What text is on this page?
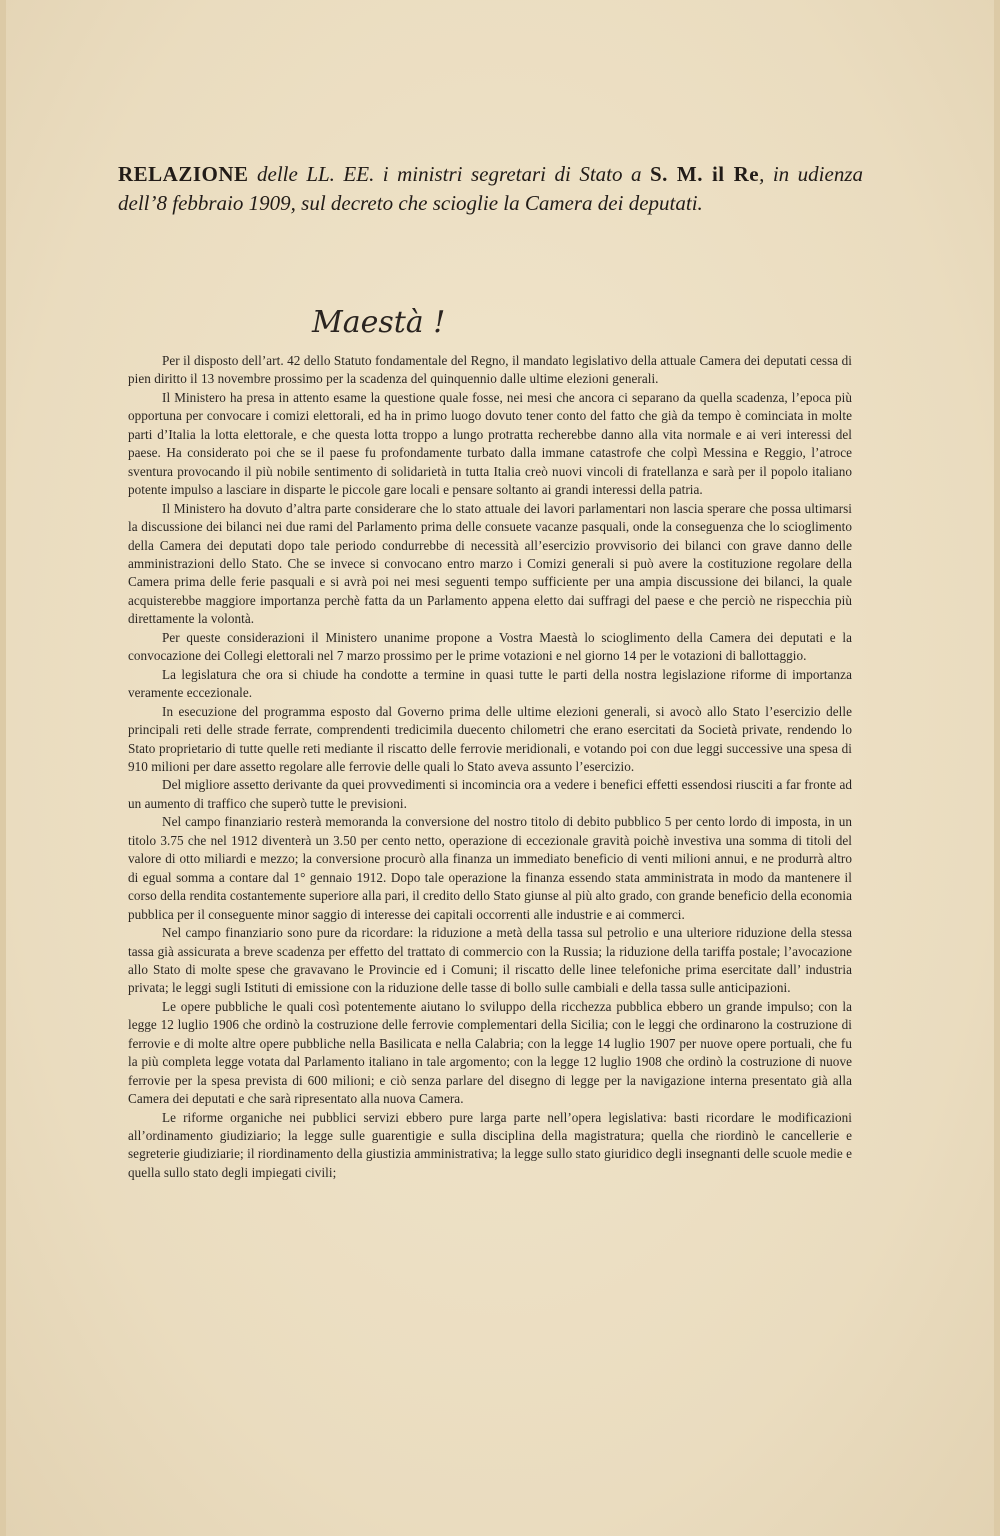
RELAZIONE delle LL. EE. i ministri segretari di Stato a S. M. il Re, in udienza dell’8 febbraio 1909, sul decreto che scioglie la Camera dei deputati.
Maestà !

Per il disposto dell’art. 42 dello Statuto fondamentale del Regno, il mandato legislativo della attuale Camera dei deputati cessa di pien diritto il 13 novembre prossimo per la scadenza del quinquennio dalle ultime elezioni generali.

Il Ministero ha presa in attento esame la questione quale fosse, nei mesi che ancora ci separano da quella scadenza, l’epoca più opportuna per convocare i comizi elettorali, ed ha in primo luogo dovuto tener conto del fatto che già da tempo è cominciata in molte parti d’Italia la lotta elettorale, e che questa lotta troppo a lungo protratta recherebbe danno alla vita normale e ai veri interessi del paese. Ha considerato poi che se il paese fu profondamente turbato dalla immane catastrofe che colpì Messina e Reggio, l’atroce sventura provocando il più nobile sentimento di solidarietà in tutta Italia creò nuovi vincoli di fratellanza e sarà per il popolo italiano potente impulso a lasciare in disparte le piccole gare locali e pensare soltanto ai grandi interessi della patria.

Il Ministero ha dovuto d’altra parte considerare che lo stato attuale dei lavori parlamentari non lascia sperare che possa ultimarsi la discussione dei bilanci nei due rami del Parlamento prima delle consuete vacanze pasquali, onde la conseguenza che lo scioglimento della Camera dei deputati dopo tale periodo condurrebbe di necessità all’esercizio provvisorio dei bilanci con grave danno delle amministrazioni dello Stato. Che se invece si convocano entro marzo i Comizi generali si può avere la costituzione regolare della Camera prima delle ferie pasquali e si avrà poi nei mesi seguenti tempo sufficiente per una ampia discussione dei bilanci, la quale acquisterebbe maggiore importanza perchè fatta da un Parlamento appena eletto dai suffragi del paese e che perciò ne rispecchia più direttamente la volontà.

Per queste considerazioni il Ministero unanime propone a Vostra Maestà lo scioglimento della Camera dei deputati e la convocazione dei Collegi elettorali nel 7 marzo prossimo per le prime votazioni e nel giorno 14 per le votazioni di ballottaggio.

La legislatura che ora si chiude ha condotte a termine in quasi tutte le parti della nostra legislazione riforme di importanza veramente eccezionale.

In esecuzione del programma esposto dal Governo prima delle ultime elezioni generali, si avocò allo Stato l’esercizio delle principali reti delle strade ferrate, comprendenti tredicimila duecento chilometri che erano esercitati da Società private, rendendo lo Stato proprietario di tutte quelle reti mediante il riscatto delle ferrovie meridionali, e votando poi con due leggi successive una spesa di 910 milioni per dare assetto regolare alle ferrovie delle quali lo Stato aveva assunto l’esercizio.

Del migliore assetto derivante da quei provvedimenti si incomincia ora a vedere i benefici effetti essendosi riusciti a far fronte ad un aumento di traffico che superò tutte le previsioni.

Nel campo finanziario resterà memoranda la conversione del nostro titolo di debito pubblico 5 per cento lordo di imposta, in un titolo 3.75 che nel 1912 diventerà un 3.50 per cento netto, operazione di eccezionale gravità poichè investiva una somma di titoli del valore di otto miliardi e mezzo; la conversione procurò alla finanza un immediato beneficio di venti milioni annui, e ne produrrà altro di egual somma a contare dal 1° gennaio 1912. Dopo tale operazione la finanza essendo stata amministrata in modo da mantenere il corso della rendita costantemente superiore alla pari, il credito dello Stato giunse al più alto grado, con grande beneficio della economia pubblica per il conseguente minor saggio di interesse dei capitali occorrenti alle industrie e ai commerci.

Nel campo finanziario sono pure da ricordare: la riduzione a metà della tassa sul petrolio e una ulteriore riduzione della stessa tassa già assicurata a breve scadenza per effetto del trattato di commercio con la Russia; la riduzione della tariffa postale; l’avocazione allo Stato di molte spese che gravavano le Provincie ed i Comuni; il riscatto delle linee telefoniche prima esercitate dall’ industria privata; le leggi sugli Istituti di emissione con la riduzione delle tasse di bollo sulle cambiali e della tassa sulle anticipazioni.

Le opere pubbliche le quali così potentemente aiutano lo sviluppo della ricchezza pubblica ebbero un grande impulso; con la legge 12 luglio 1906 che ordinò la costruzione delle ferrovie complementari della Sicilia; con le leggi che ordinarono la costruzione di ferrovie e di molte altre opere pubbliche nella Basilicata e nella Calabria; con la legge 14 luglio 1907 per nuove opere portuali, che fu la più completa legge votata dal Parlamento italiano in tale argomento; con la legge 12 luglio 1908 che ordinò la costruzione di nuove ferrovie per la spesa prevista di 600 milioni; e ciò senza parlare del disegno di legge per la navigazione interna presentato già alla Camera dei deputati e che sarà ripresentato alla nuova Camera.

Le riforme organiche nei pubblici servizi ebbero pure larga parte nell’opera legislativa: basti ricordare le modificazioni all’ordinamento giudiziario; la legge sulle guarentigie e sulla disciplina della magistratura; quella che riordinò le cancellerie e segreterie giudiziarie; il riordinamento della giustizia amministrativa; la legge sullo stato giuridico degli insegnanti delle scuole medie e quella sullo stato degli impiegati civili;
